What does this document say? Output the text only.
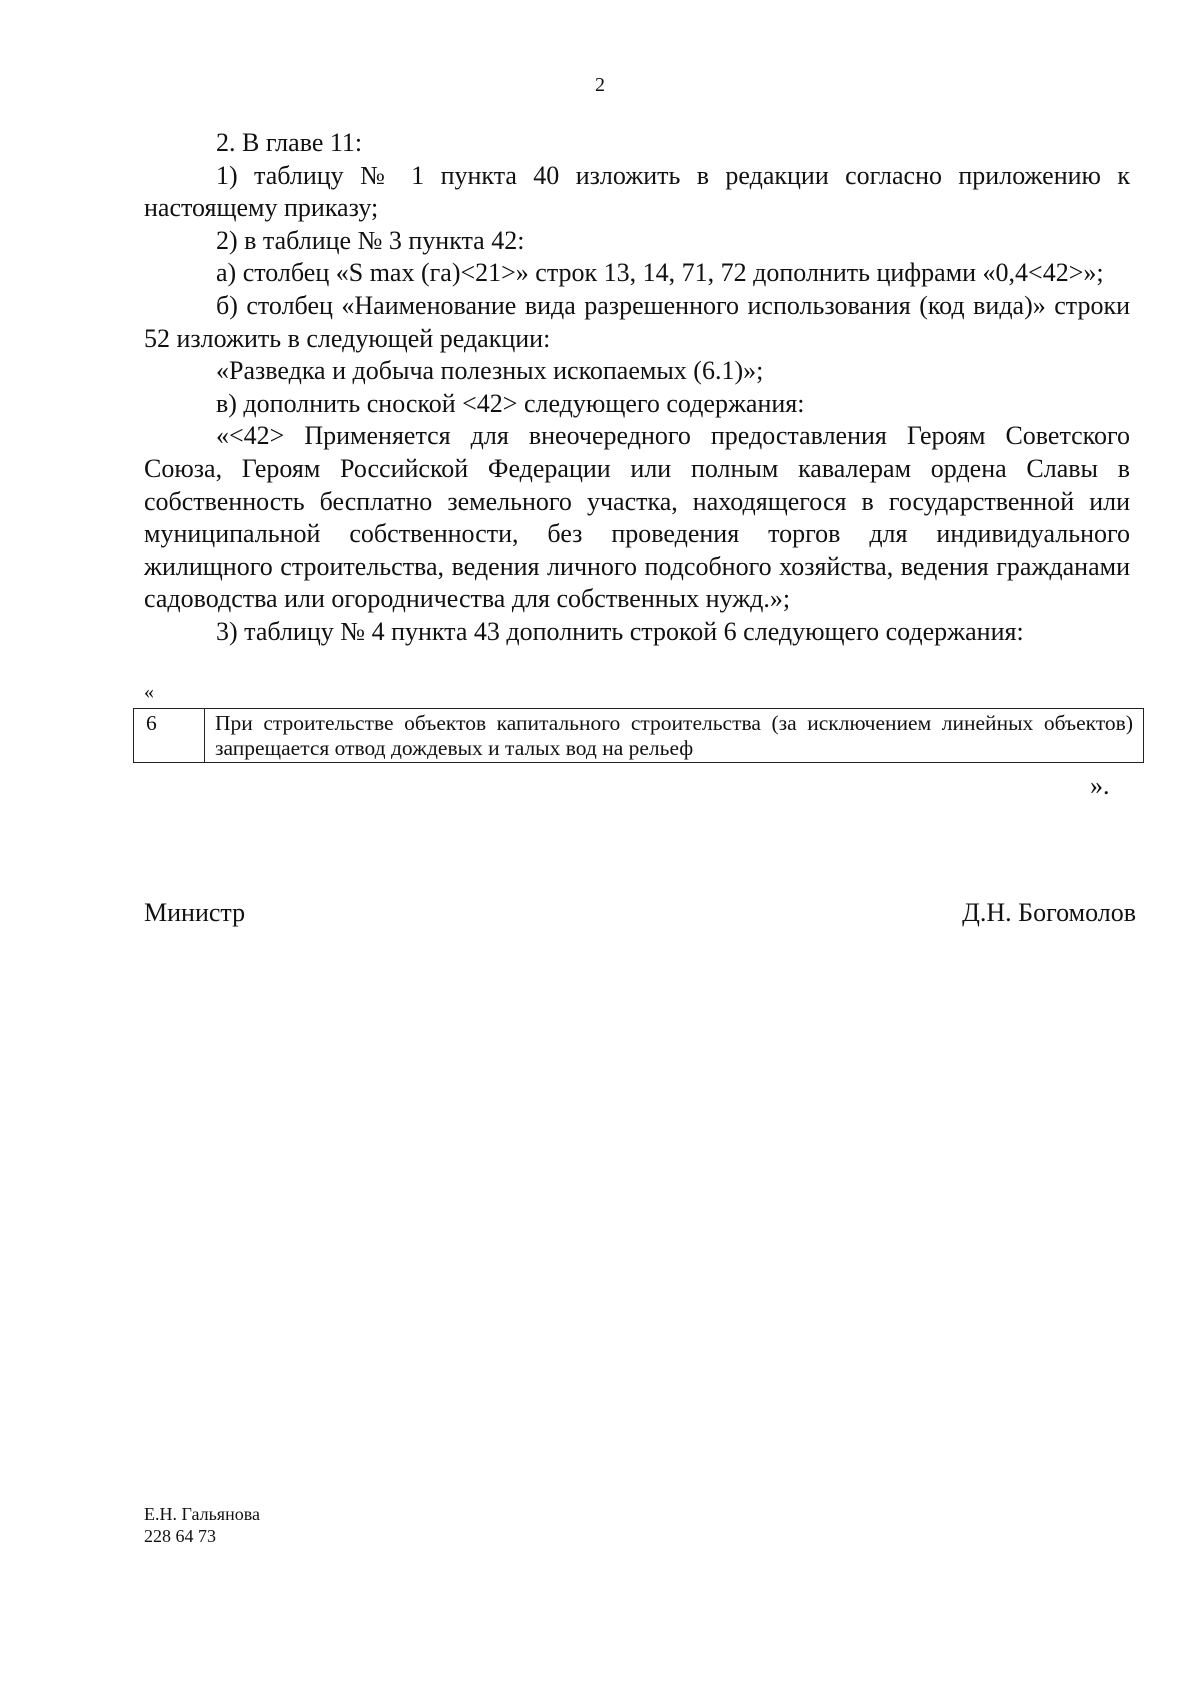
2

2. В главе 11:

1) таблицу № 1 пункта 40 изложить в редакции согласно приложению к настоящему приказу;

2) в таблице № 3 пункта 42:

а) столбец «S max (га)<21>» строк 13, 14, 71, 72 дополнить цифрами «0,4<42>»;

б) столбец «Наименование вида разрешенного использования (код вида)» строки 52 изложить в следующей редакции:

«Разведка и добыча полезных ископаемых (6.1)»;

в) дополнить сноской <42> следующего содержания:

«<42> Применяется для внеочередного предоставления Героям Советского Союза, Героям Российской Федерации или полным кавалерам ордена Славы в собственность бесплатно земельного участка, находящегося в государственной или муниципальной собственности, без проведения торгов для индивидуального жилищного строительства, ведения личного подсобного хозяйства, ведения гражданами садоводства или огородничества для собственных нужд.»;

3) таблицу № 4 пункта 43 дополнить строкой 6 следующего содержания:

«
6	При строительстве объектов капитального строительства (за исключением линейных объектов) запрещается отвод дождевых и талых вод на рельеф
».
Министр	Д.Н. Богомолов
Е.Н. Гальянова
228 64 73
